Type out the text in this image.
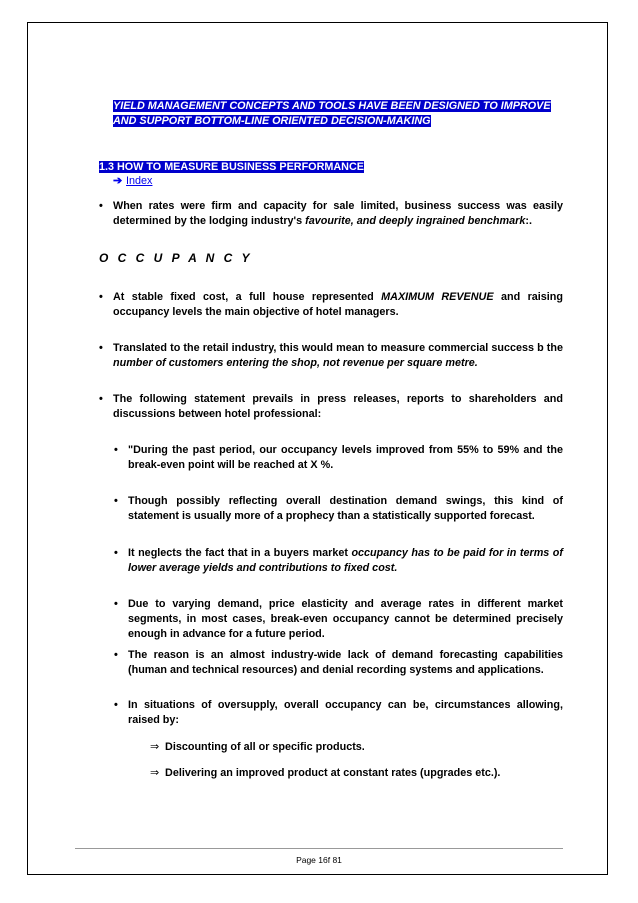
YIELD MANAGEMENT CONCEPTS AND TOOLS HAVE BEEN DESIGNED TO IMPROVE
AND SUPPORT BOTTOM-LINE ORIENTED DECISION-MAKING
1.3 HOW TO MEASURE BUSINESS PERFORMANCE
➔ Index
• When rates were firm and capacity for sale limited, business success was easily determined by the lodging industry's favourite, and deeply ingrained benchmark:.
O C C U P A N C Y
• At stable fixed cost, a full house represented MAXIMUM REVENUE and raising occupancy levels the main objective of hotel managers.
• Translated to the retail industry, this would mean to measure commercial success b the number of customers entering the shop, not revenue per square metre.
• The following statement prevails in press releases, reports to shareholders and discussions between hotel professional:
• "During the past period, our occupancy levels improved from 55% to 59% and the break-even point will be reached at X %.
• Though possibly reflecting overall destination demand swings, this kind of statement is usually more of a prophecy than a statistically supported forecast.
• It neglects the fact that in a buyers market occupancy has to be paid for in terms of lower average yields and contributions to fixed cost.
• Due to varying demand, price elasticity and average rates in different market segments, in most cases, break-even occupancy cannot be determined precisely enough in advance for a future period.
• The reason is an almost industry-wide lack of demand forecasting capabilities (human and technical resources) and denial recording systems and applications.
• In situations of oversupply, overall occupancy can be, circumstances allowing, raised by:
⇒ Discounting of all or specific products.
⇒ Delivering an improved product at constant rates (upgrades etc.).
Page 16f 81
